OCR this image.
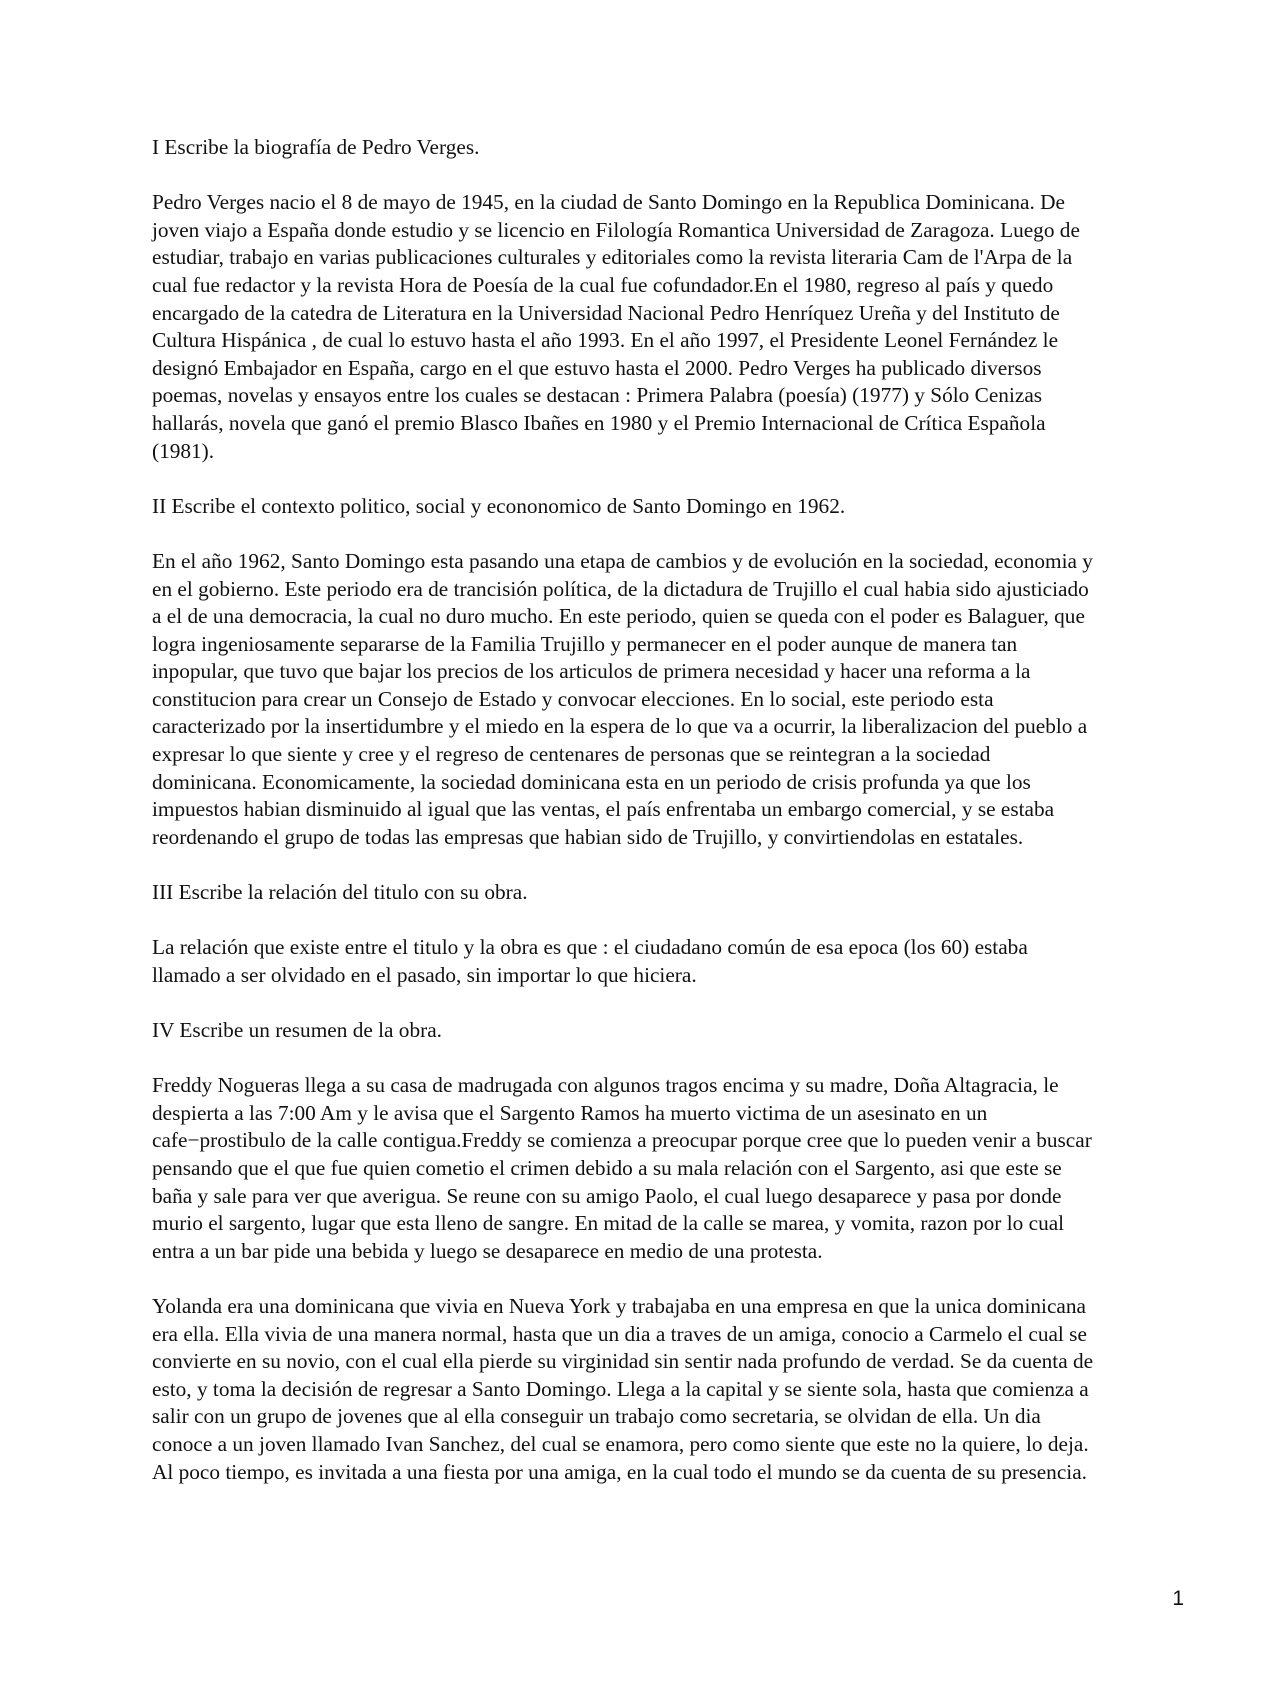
I Escribe la biografía de Pedro Verges.

Pedro Verges nacio el 8 de mayo de 1945, en la ciudad de Santo Domingo en la Republica Dominicana. De
joven viajo a España donde estudio y se licencio en Filología Romantica Universidad de Zaragoza. Luego de
estudiar, trabajo en varias publicaciones culturales y editoriales como la revista literaria Cam de l'Arpa de la
cual fue redactor y la revista Hora de Poesía de la cual fue cofundador.En el 1980, regreso al país y quedo
encargado de la catedra de Literatura en la Universidad Nacional Pedro Henríquez Ureña y del Instituto de
Cultura Hispánica , de cual lo estuvo hasta el año 1993. En el año 1997, el Presidente Leonel Fernández le
designó Embajador en España, cargo en el que estuvo hasta el 2000. Pedro Verges ha publicado diversos
poemas, novelas y ensayos entre los cuales se destacan : Primera Palabra (poesía) (1977) y Sólo Cenizas
hallarás, novela que ganó el premio Blasco Ibañes en 1980 y el Premio Internacional de Crítica Española
(1981).

II Escribe el contexto politico, social y econonomico de Santo Domingo en 1962.

En el año 1962, Santo Domingo esta pasando una etapa de cambios y de evolución en la sociedad, economia y
en el gobierno. Este periodo era de trancisión política, de la dictadura de Trujillo el cual habia sido ajusticiado
a el de una democracia, la cual no duro mucho. En este periodo, quien se queda con el poder es Balaguer, que
logra ingeniosamente separarse de la Familia Trujillo y permanecer en el poder aunque de manera tan
inpopular, que tuvo que bajar los precios de los articulos de primera necesidad y hacer una reforma a la
constitucion para crear un Consejo de Estado y convocar elecciones. En lo social, este periodo esta
caracterizado por la insertidumbre y el miedo en la espera de lo que va a ocurrir, la liberalizacion del pueblo a
expresar lo que siente y cree y el regreso de centenares de personas que se reintegran a la sociedad
dominicana. Economicamente, la sociedad dominicana esta en un periodo de crisis profunda ya que los
impuestos habian disminuido al igual que las ventas, el país enfrentaba un embargo comercial, y se estaba
reordenando el grupo de todas las empresas que habian sido de Trujillo, y convirtiendolas en estatales.

III Escribe la relación del titulo con su obra.

La relación que existe entre el titulo y la obra es que : el ciudadano común de esa epoca (los 60) estaba
llamado a ser olvidado en el pasado, sin importar lo que hiciera.

IV Escribe un resumen de la obra.

Freddy Nogueras llega a su casa de madrugada con algunos tragos encima y su madre, Doña Altagracia, le
despierta a las 7:00 Am y le avisa que el Sargento Ramos ha muerto victima de un asesinato en un
cafe−prostibulo de la calle contigua.Freddy se comienza a preocupar porque cree que lo pueden venir a buscar
pensando que el que fue quien cometio el crimen debido a su mala relación con el Sargento, asi que este se
baña y sale para ver que averigua. Se reune con su amigo Paolo, el cual luego desaparece y pasa por donde
murio el sargento, lugar que esta lleno de sangre. En mitad de la calle se marea, y vomita, razon por lo cual
entra a un bar pide una bebida y luego se desaparece en medio de una protesta.

Yolanda era una dominicana que vivia en Nueva York y trabajaba en una empresa en que la unica dominicana
era ella. Ella vivia de una manera normal, hasta que un dia a traves de un amiga, conocio a Carmelo el cual se
convierte en su novio, con el cual ella pierde su virginidad sin sentir nada profundo de verdad. Se da cuenta de
esto, y toma la decisión de regresar a Santo Domingo. Llega a la capital y se siente sola, hasta que comienza a
salir con un grupo de jovenes que al ella conseguir un trabajo como secretaria, se olvidan de ella. Un dia
conoce a un joven llamado Ivan Sanchez, del cual se enamora, pero como siente que este no la quiere, lo deja.
Al poco tiempo, es invitada a una fiesta por una amiga, en la cual todo el mundo se da cuenta de su presencia.

1
